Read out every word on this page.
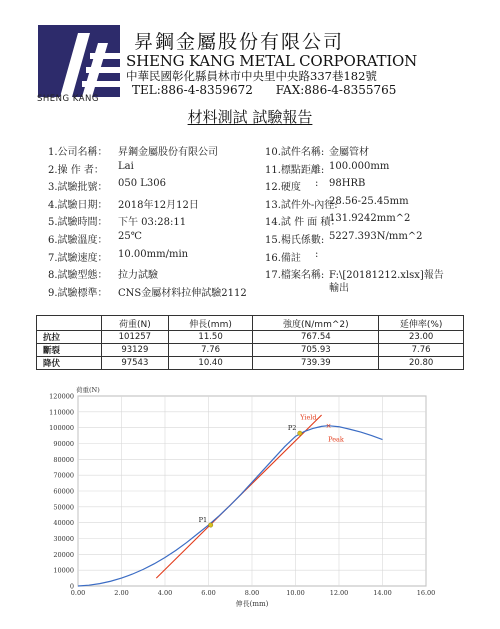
SHENG KANG
昇鋼金屬股份有限公司
SHENG KANG METAL CORPORATION
中華民國彰化縣員林市中央里中央路337巷182號
TEL:886-4-8359672 FAX:886-4-8355765
材料測試 試驗報告
1.公司名稱： 昇鋼金屬股份有限公司
2.操 作 者： Lai
3.試驗批號： 050 L306
4.試驗日期： 2018年12月12日
5.試驗時間： 下午 03:28:11
6.試驗溫度： 25℃
7.試驗速度： 10.00mm/min
8.試驗型態： 拉力試驗
9.試驗標準： CNS金屬材料拉伸試驗2112
10.試件名稱: 金屬管材
11.標點距離: 100.000mm
12.硬度 : 98HRB
13.試件外-內徑:
28.56-25.45mm
14.試 件 面 積：
131.9242mm^2
15.楊氏係數: 5227.393N/mm^2
16.備註 :
17.檔案名稱: F:\[20181212.xlsx]報告
輸出
	荷重(N)	伸長(mm)	強度(N/mm^2)	延伸率(%)
抗拉	101257	11.50	767.54	23.00
斷裂	93129	7.76	705.93	7.76
降伏	97543	10.40	739.39	20.80
0
10000
20000
30000
40000
50000
60000
70000
80000
90000
100000
110000
120000
0.00	2.00	4.00	6.00	8.00	10.00	12.00	14.00	16.00
荷重(N)
伸長(mm)
P1
P2
Yield
×
Peak
